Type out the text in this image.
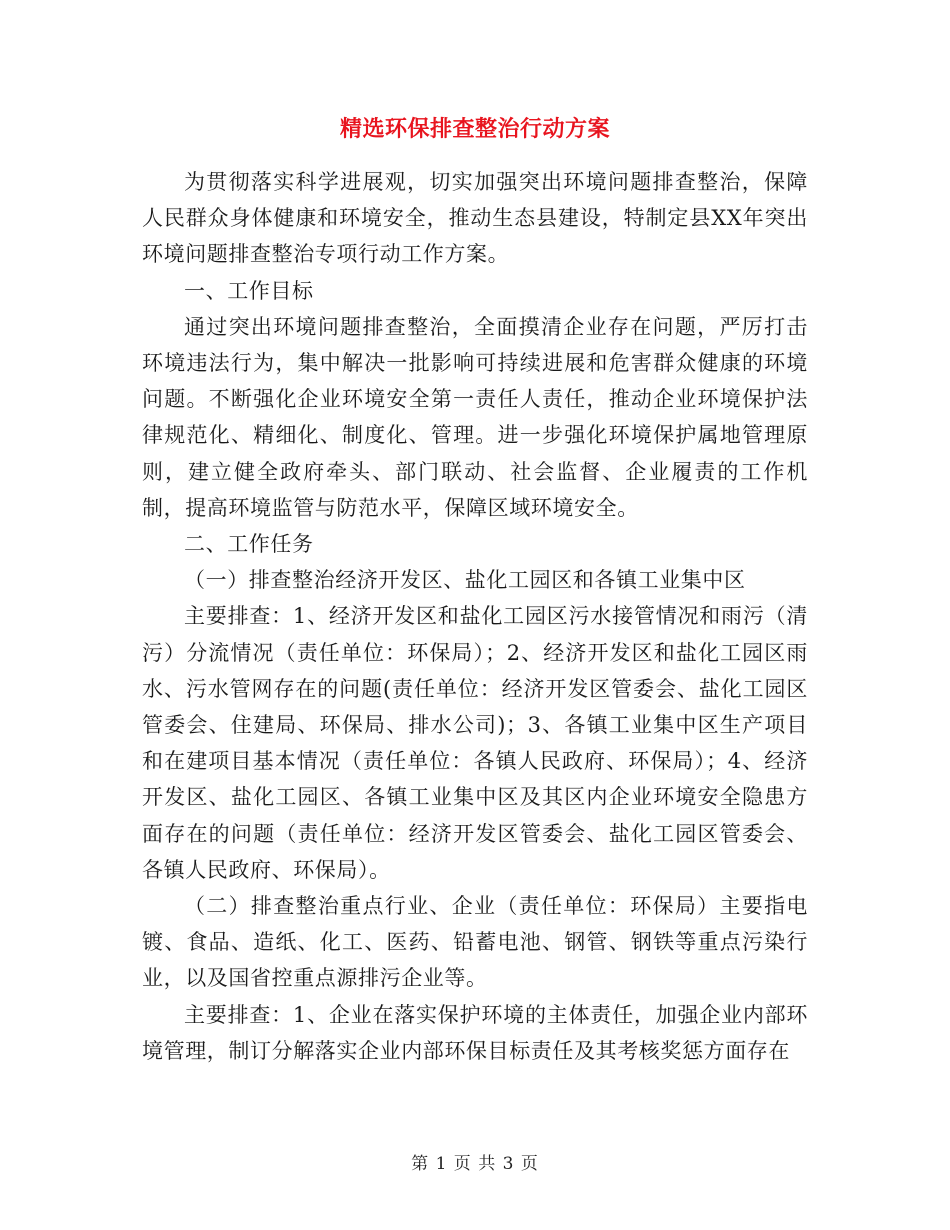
精选环保排查整治行动方案

为贯彻落实科学进展观，切实加强突出环境问题排查整治，保障人民群众身体健康和环境安全，推动生态县建设，特制定县XX年突出环境问题排查整治专项行动工作方案。

一、工作目标

通过突出环境问题排查整治，全面摸清企业存在问题，严厉打击环境违法行为，集中解决一批影响可持续进展和危害群众健康的环境问题。不断强化企业环境安全第一责任人责任，推动企业环境保护法律规范化、精细化、制度化、管理。进一步强化环境保护属地管理原则，建立健全政府牵头、部门联动、社会监督、企业履责的工作机制，提高环境监管与防范水平，保障区域环境安全。

二、工作任务

（一）排查整治经济开发区、盐化工园区和各镇工业集中区

主要排查：1、经济开发区和盐化工园区污水接管情况和雨污（清污）分流情况（责任单位：环保局）；2、经济开发区和盐化工园区雨水、污水管网存在的问题(责任单位：经济开发区管委会、盐化工园区管委会、住建局、环保局、排水公司)；3、各镇工业集中区生产项目和在建项目基本情况（责任单位：各镇人民政府、环保局）；4、经济开发区、盐化工园区、各镇工业集中区及其区内企业环境安全隐患方面存在的问题（责任单位：经济开发区管委会、盐化工园区管委会、各镇人民政府、环保局）。

（二）排查整治重点行业、企业（责任单位：环保局）主要指电镀、食品、造纸、化工、医药、铅蓄电池、钢管、钢铁等重点污染行业，以及国省控重点源排污企业等。

主要排查：1、企业在落实保护环境的主体责任，加强企业内部环境管理，制订分解落实企业内部环保目标责任及其考核奖惩方面存在

第 1 页 共 3 页
